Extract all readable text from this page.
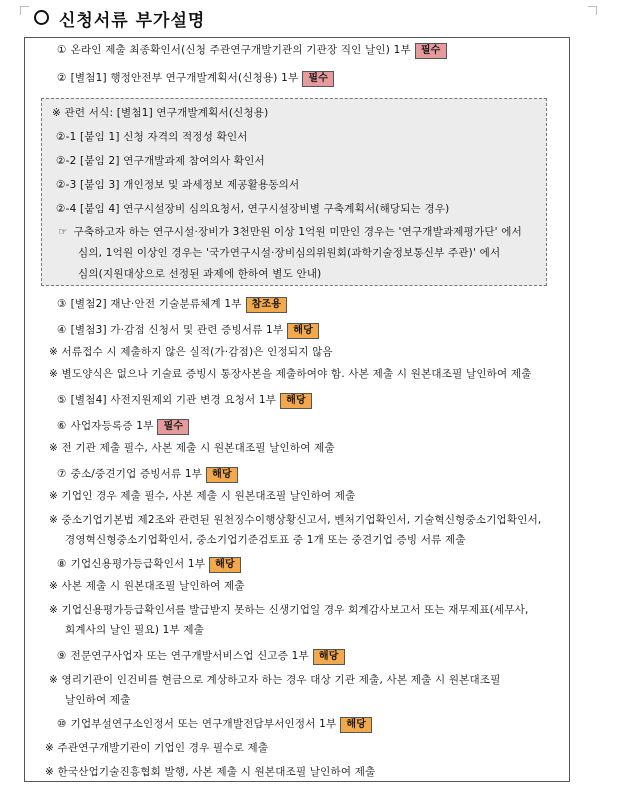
신청서류 부가설명
① 온라인 제출 최종확인서(신청 주관연구개발기관의 기관장 직인 날인) 1부 필수
② [별첨1] 행정안전부 연구개발계획서(신청용) 1부 필수
※ 관련 서식: [별첨1] 연구개발계획서(신청용)
②-1 [붙임 1] 신청 자격의 적정성 확인서
②-2 [붙임 2] 연구개발과제 참여의사 확인서
②-3 [붙임 3] 개인정보 및 과세정보 제공활용동의서
②-4 [붙임 4] 연구시설장비 심의요청서, 연구시설장비별 구축계획서(해당되는 경우)
☞ 구축하고자 하는 연구시설·장비가 3천만원 이상 1억원 미만인 경우는 '연구개발과제평가단' 에서
심의, 1억원 이상인 경우는 '국가연구시설·장비심의위원회(과학기술정보통신부 주관)' 에서
심의(지원대상으로 선정된 과제에 한하여 별도 안내)
③ [별첨2] 재난·안전 기술분류체계 1부 참조용
④ [별첨3] 가·감점 신청서 및 관련 증빙서류 1부 해당
※ 서류접수 시 제출하지 않은 실적(가·감점)은 인정되지 않음
※ 별도양식은 없으나 기술료 증빙시 통장사본을 제출하여야 함. 사본 제출 시 원본대조필 날인하여 제출
⑤ [별첨4] 사전지원제외 기관 변경 요청서 1부 해당
⑥ 사업자등록증 1부 필수
※ 전 기관 제출 필수, 사본 제출 시 원본대조필 날인하여 제출
⑦ 중소/중견기업 증빙서류 1부 해당
※ 기업인 경우 제출 필수, 사본 제출 시 원본대조필 날인하여 제출
※ 중소기업기본법 제2조와 관련된 원천징수이행상황신고서, 벤처기업확인서, 기술혁신형중소기업확인서,
경영혁신형중소기업확인서, 중소기업기준검토표 중 1개 또는 중견기업 증빙 서류 제출
⑧ 기업신용평가등급확인서 1부 해당
※ 사본 제출 시 원본대조필 날인하여 제출
※ 기업신용평가등급확인서를 발급받지 못하는 신생기업일 경우 회계감사보고서 또는 재무제표(세무사,
회계사의 날인 필요) 1부 제출
⑨ 전문연구사업자 또는 연구개발서비스업 신고증 1부 해당
※ 영리기관이 인건비를 현금으로 계상하고자 하는 경우 대상 기관 제출, 사본 제출 시 원본대조필
날인하여 제출
⑩ 기업부설연구소인정서 또는 연구개발전담부서인정서 1부 해당
※ 주관연구개발기관이 기업인 경우 필수로 제출
※ 한국산업기술진흥협회 발행, 사본 제출 시 원본대조필 날인하여 제출
